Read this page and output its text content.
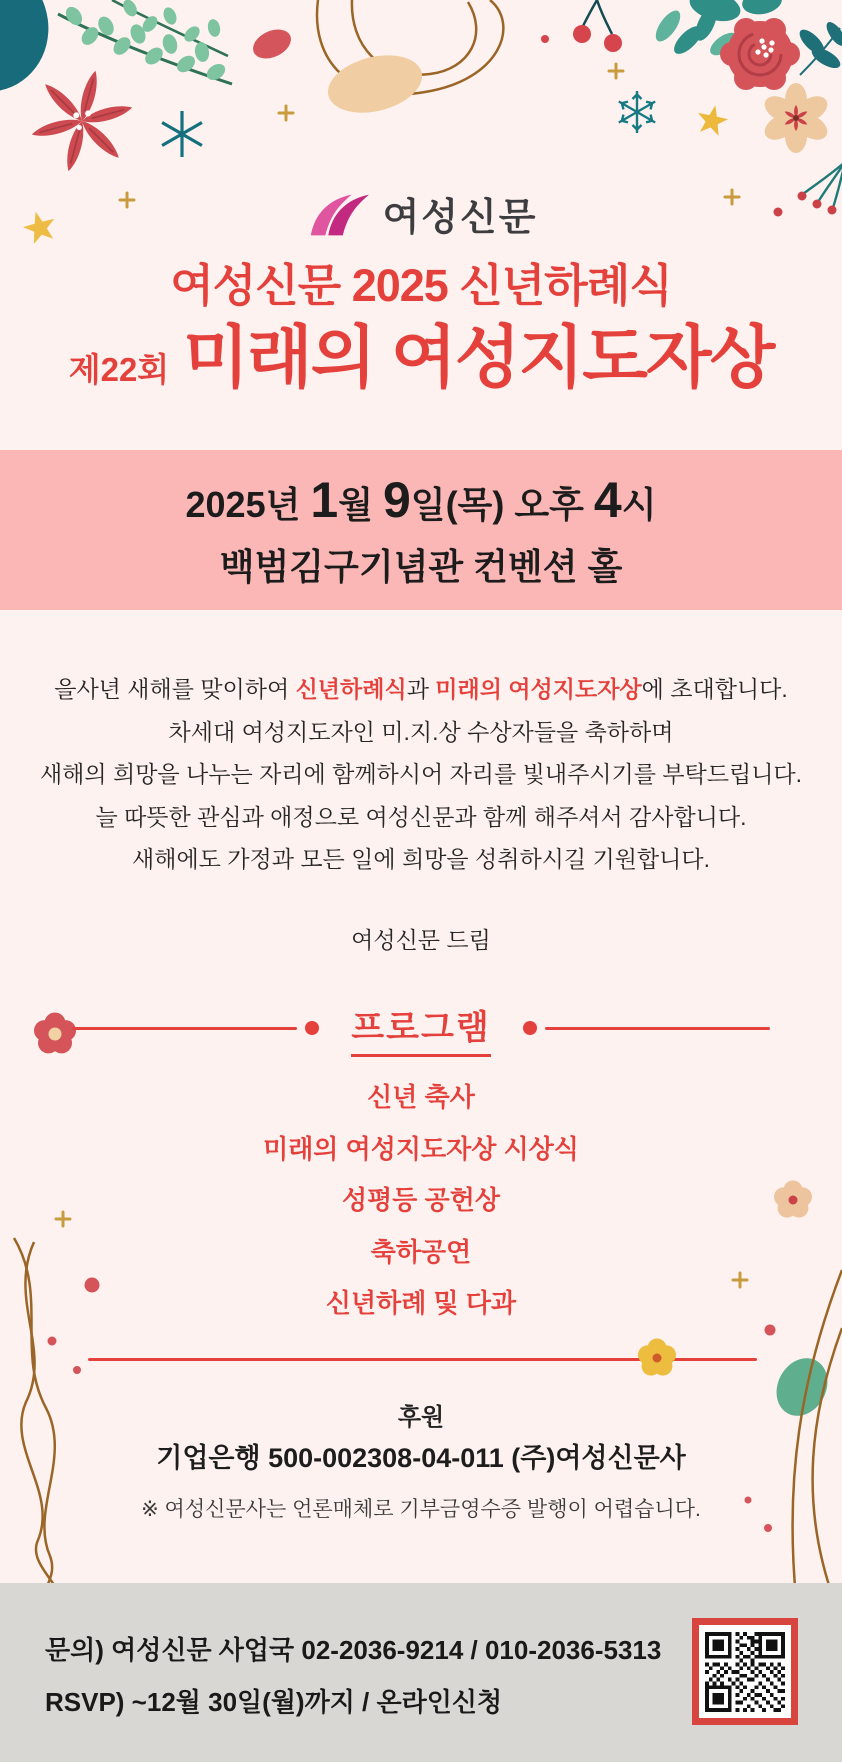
여성신문
여성신문 2025 신년하례식
제22회 미래의 여성지도자상
2025년 1월 9일(목) 오후 4시
백범김구기념관 컨벤션 홀
을사년 새해를 맞이하여 신년하례식과 미래의 여성지도자상에 초대합니다.
차세대 여성지도자인 미.지.상 수상자들을 축하하며
새해의 희망을 나누는 자리에 함께하시어 자리를 빛내주시기를 부탁드립니다.
늘 따뜻한 관심과 애정으로 여성신문과 함께 해주셔서 감사합니다.
새해에도 가정과 모든 일에 희망을 성취하시길 기원합니다.
여성신문 드림
프로그램
신년 축사
미래의 여성지도자상 시상식
성평등 공헌상
축하공연
신년하례 및 다과
후원
기업은행 500-002308-04-011 (주)여성신문사
※ 여성신문사는 언론매체로 기부금영수증 발행이 어렵습니다.
문의) 여성신문 사업국 02-2036-9214 / 010-2036-5313
RSVP) ~12월 30일(월)까지 / 온라인신청
